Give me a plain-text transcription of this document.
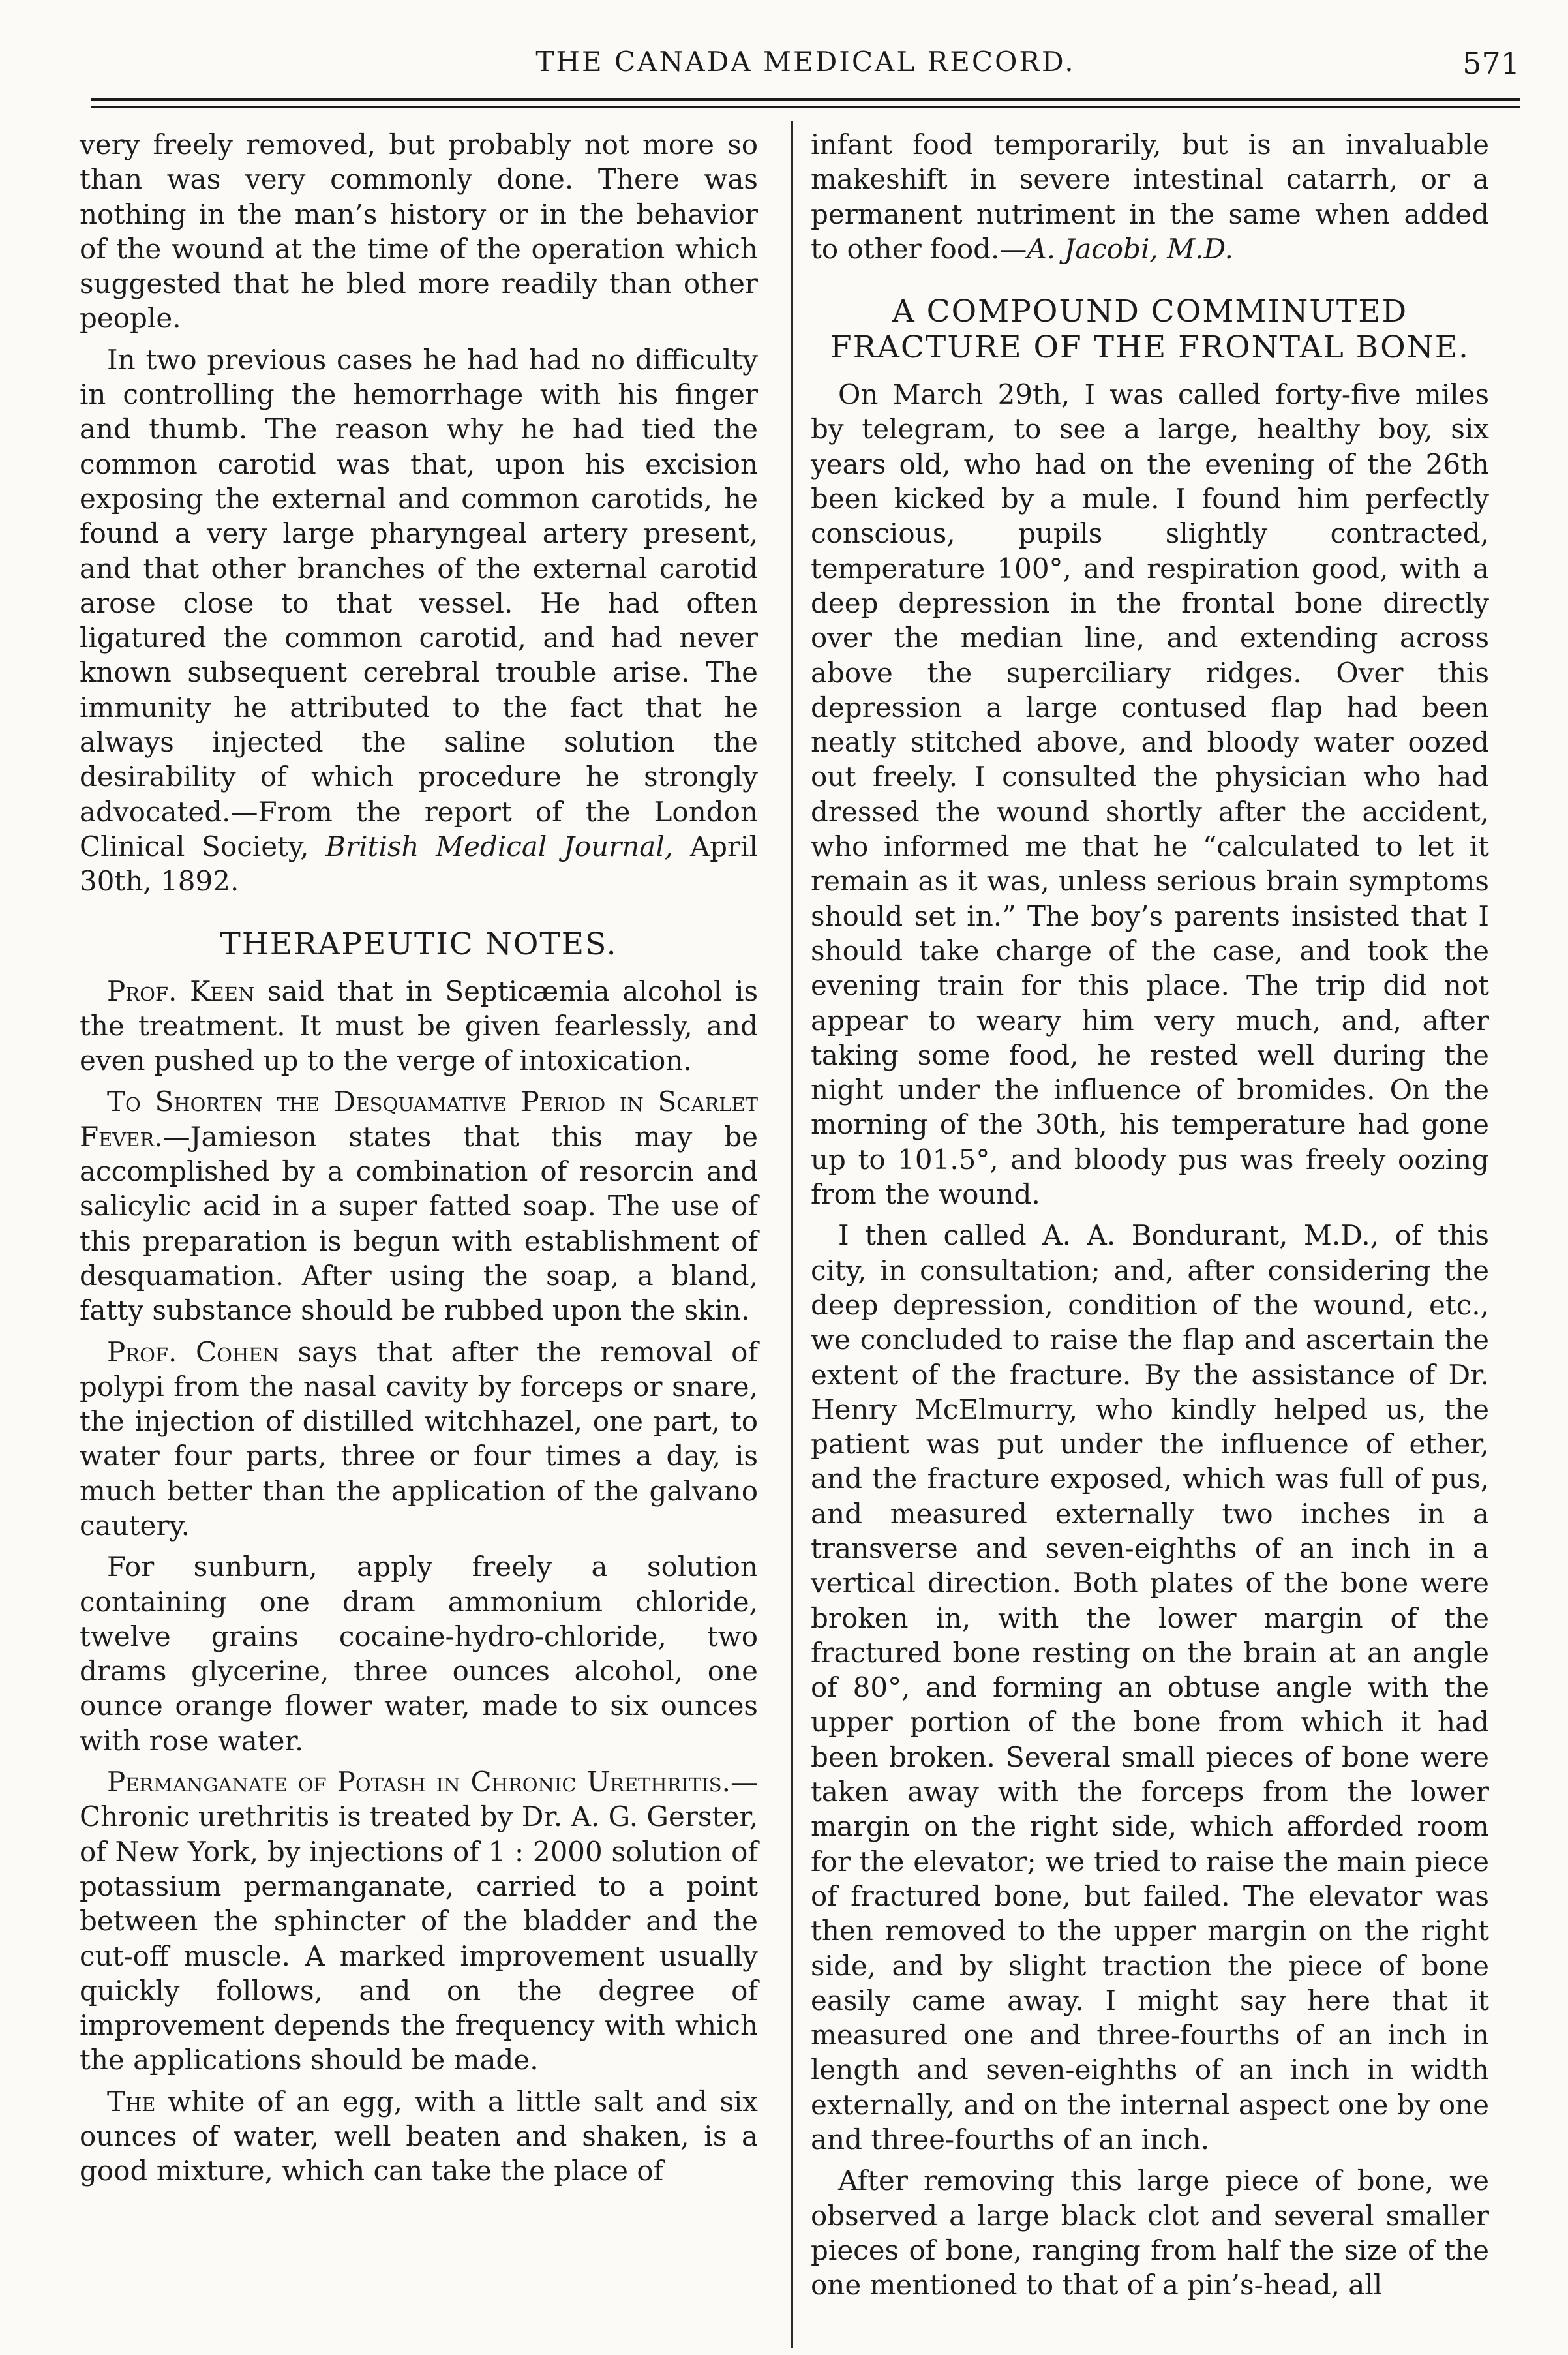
THE CANADA MEDICAL RECORD.	571

very freely removed, but probably not more so than was very commonly done. There was nothing in the man’s history or in the behavior of the wound at the time of the operation which suggested that he bled more readily than other people.

In two previous cases he had had no difficulty in controlling the hemorrhage with his finger and thumb. The reason why he had tied the common carotid was that, upon his excision exposing the external and common carotids, he found a very large pharyngeal artery present, and that other branches of the external carotid arose close to that vessel. He had often ligatured the common carotid, and had never known subsequent cerebral trouble arise. The immunity he attributed to the fact that he always injected the saline solution the desirability of which procedure he strongly advocated.—From the report of the London Clinical Society, British Medical Journal, April 30th, 1892.

THERAPEUTIC NOTES.

Prof. Keen said that in Septicæmia alcohol is the treatment. It must be given fearlessly, and even pushed up to the verge of intoxication.

To Shorten the Desquamative Period in Scarlet Fever.—Jamieson states that this may be accomplished by a combination of resorcin and salicylic acid in a super fatted soap. The use of this preparation is begun with establishment of desquamation. After using the soap, a bland, fatty substance should be rubbed upon the skin.

Prof. Cohen says that after the removal of polypi from the nasal cavity by forceps or snare, the injection of distilled witchhazel, one part, to water four parts, three or four times a day, is much better than the application of the galvano cautery.

For sunburn, apply freely a solution containing one dram ammonium chloride, twelve grains cocaine-hydro-chloride, two drams glycerine, three ounces alcohol, one ounce orange flower water, made to six ounces with rose water.

Permanganate of Potash in Chronic Urethritis.—Chronic urethritis is treated by Dr. A. G. Gerster, of New York, by injections of 1 : 2000 solution of potassium permanganate, carried to a point between the sphincter of the bladder and the cut-off muscle. A marked improvement usually quickly follows, and on the degree of improvement depends the frequency with which the applications should be made.

The white of an egg, with a little salt and six ounces of water, well beaten and shaken, is a good mixture, which can take the place of

infant food temporarily, but is an invaluable makeshift in severe intestinal catarrh, or a permanent nutriment in the same when added to other food.—A. Jacobi, M.D.

A COMPOUND COMMINUTED FRACTURE OF THE FRONTAL BONE.

On March 29th, I was called forty-five miles by telegram, to see a large, healthy boy, six years old, who had on the evening of the 26th been kicked by a mule. I found him perfectly conscious, pupils slightly contracted, temperature 100°, and respiration good, with a deep depression in the frontal bone directly over the median line, and extending across above the superciliary ridges. Over this depression a large contused flap had been neatly stitched above, and bloody water oozed out freely. I consulted the physician who had dressed the wound shortly after the accident, who informed me that he “calculated to let it remain as it was, unless serious brain symptoms should set in.” The boy’s parents insisted that I should take charge of the case, and took the evening train for this place. The trip did not appear to weary him very much, and, after taking some food, he rested well during the night under the influence of bromides. On the morning of the 30th, his temperature had gone up to 101.5°, and bloody pus was freely oozing from the wound.

I then called A. A. Bondurant, M.D., of this city, in consultation; and, after considering the deep depression, condition of the wound, etc., we concluded to raise the flap and ascertain the extent of the fracture. By the assistance of Dr. Henry McElmurry, who kindly helped us, the patient was put under the influence of ether, and the fracture exposed, which was full of pus, and measured externally two inches in a transverse and seven-eighths of an inch in a vertical direction. Both plates of the bone were broken in, with the lower margin of the fractured bone resting on the brain at an angle of 80°, and forming an obtuse angle with the upper portion of the bone from which it had been broken. Several small pieces of bone were taken away with the forceps from the lower margin on the right side, which afforded room for the elevator; we tried to raise the main piece of fractured bone, but failed. The elevator was then removed to the upper margin on the right side, and by slight traction the piece of bone easily came away. I might say here that it measured one and three-fourths of an inch in length and seven-eighths of an inch in width externally, and on the internal aspect one by one and three-fourths of an inch.

After removing this large piece of bone, we observed a large black clot and several smaller pieces of bone, ranging from half the size of the one mentioned to that of a pin’s-head, all
